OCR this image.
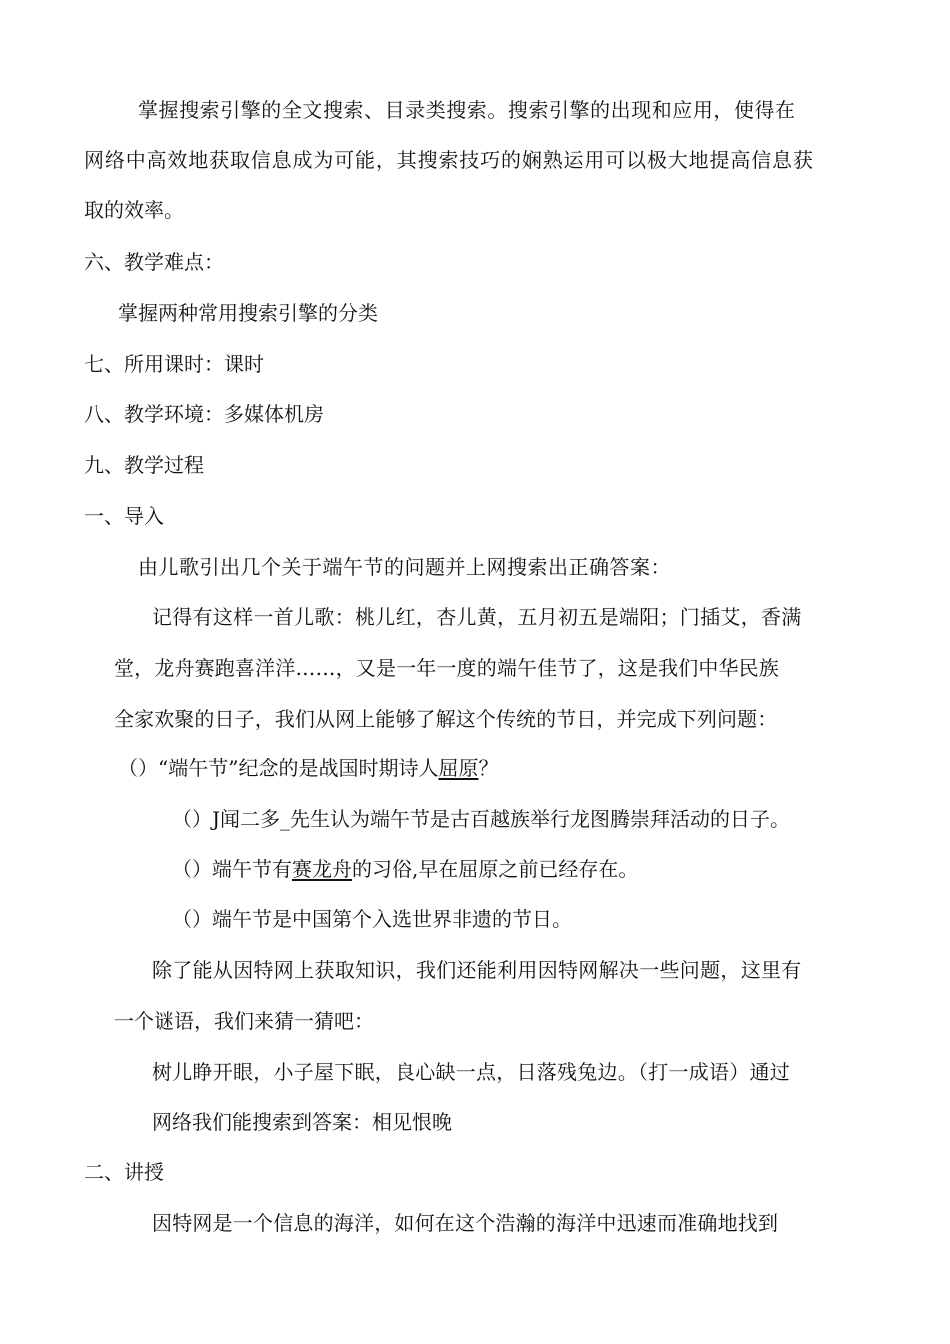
掌握搜索引擎的全文搜索、目录类搜索。搜索引擎的出现和应用，使得在
网络中高效地获取信息成为可能，其搜索技巧的娴熟运用可以极大地提高信息获
取的效率。
六、教学难点：
掌握两种常用搜索引擎的分类
七、所用课时：课时
八、教学环境：多媒体机房
九、教学过程
一、导入
由儿歌引出几个关于端午节的问题并上网搜索出正确答案：
记得有这样一首儿歌：桃儿红，杏儿黄，五月初五是端阳；门插艾，香满
堂，龙舟赛跑喜洋洋……，又是一年一度的端午佳节了，这是我们中华民族
全家欢聚的日子，我们从网上能够了解这个传统的节日，并完成下列问题：
（）“端午节”纪念的是战国时期诗人屈原？
（）J闻二多_先生认为端午节是古百越族举行龙图腾崇拜活动的日子。
（）端午节有赛龙舟的习俗,早在屈原之前已经存在。
（）端午节是中国第个入选世界非遗的节日。
除了能从因特网上获取知识，我们还能利用因特网解决一些问题，这里有
一个谜语，我们来猜一猜吧：
树儿睁开眼，小子屋下眠，良心缺一点，日落残兔边。（打一成语）通过
网络我们能搜索到答案：相见恨晚
二、讲授
因特网是一个信息的海洋，如何在这个浩瀚的海洋中迅速而准确地找到
